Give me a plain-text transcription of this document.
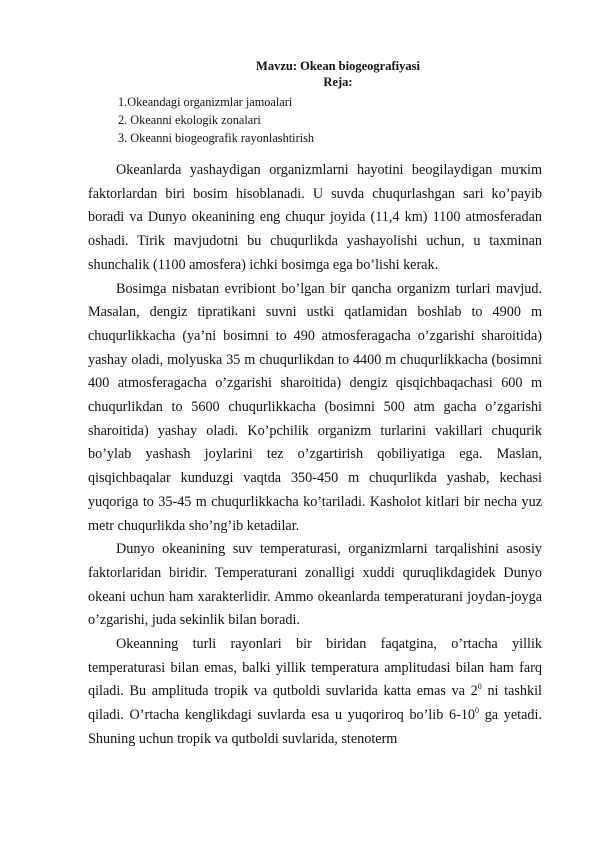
Mavzu: Okean biogeografiyasi
Reja:
1.Okeandagi organizmlar jamoalari
2. Okeanni ekologik zonalari
3. Okeanni biogeografik rayonlashtirish

Okeanlarda yashaydigan organizmlarni hayotini beogilaydigan muҡim faktorlardan biri bosim hisoblanadi. U suvda chuqurlashgan sari ko’payib boradi va Dunyo okeanining eng chuqur joyida (11,4 km) 1100 atmosferadan oshadi. Tirik mavjudotni bu chuqurlikda yashayolishi uchun, u taxminan shunchalik (1100 amosfera) ichki bosimga ega bo’lishi kerak.

Bosimga nisbatan evribiont bo’lgan bir qancha organizm turlari mavjud. Masalan, dengiz tipratikani suvni ustki qatlamidan boshlab to 4900 m chuqurlikkacha (ya’ni bosimni to 490 atmosferagacha o’zgarishi sharoitida) yashay oladi, molyuska 35 m chuqurlikdan to 4400 m chuqurlikkacha (bosimni 400 atmosferagacha o’zgarishi sharoitida) dengiz qisqichbaqachasi 600 m chuqurlikdan to 5600 chuqurlikkacha (bosimni 500 atm gacha o’zgarishi sharoitida) yashay oladi. Ko’pchilik organizm turlarini vakillari chuqurik bo’ylab yashash joylarini tez o’zgartirish qobiliyatiga ega. Maslan, qisqichbaqalar kunduzgi vaqtda 350-450 m chuqurlikda yashab, kechasi yuqoriga to 35-45 m chuqurlikkacha ko’tariladi. Kasholot kitlari bir necha yuz metr chuqurlikda sho’ng’ib ketadilar.

Dunyo okeanining suv temperaturasi, organizmlarni tarqalishini asosiy faktorlaridan biridir. Temperaturani zonalligi xuddi quruqlikdagidek Dunyo okeani uchun ham xarakterlidir. Ammo okeanlarda temperaturani joydan-joyga o’zgarishi, juda sekinlik bilan boradi.

Okeanning turli rayonlari bir biridan faqatgina, o’rtacha yillik temperaturasi bilan emas, balki yillik temperatura amplitudasi bilan ham farq qiladi. Bu amplituda tropik va qutboldi suvlarida katta emas va $2^0$ ni tashkil qiladi. O’rtacha kenglikdagi suvlarda esa u yuqoriroq bo’lib $6-10^0$ ga yetadi. Shuning uchun tropik va qutboldi suvlarida, stenoterm
